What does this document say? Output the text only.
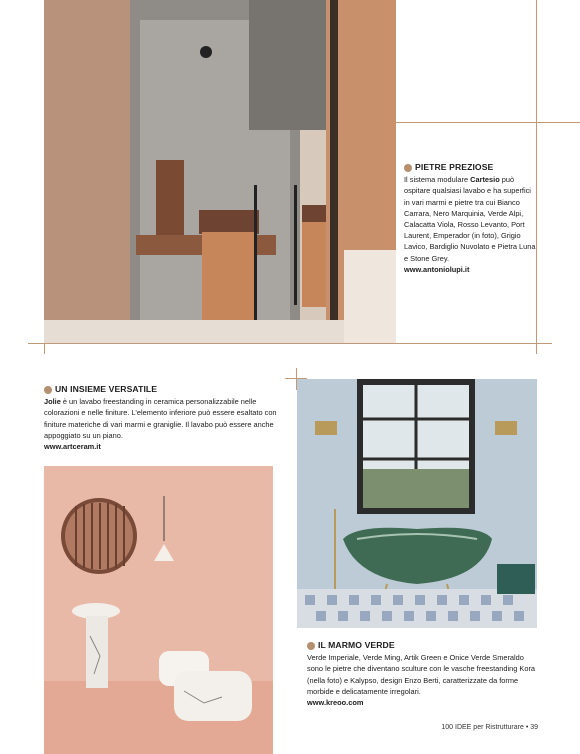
PIETRE PREZIOSE
Il sistema modulare Cartesio può ospitare qualsiasi lavabo e ha superfici in vari marmi e pietre tra cui Bianco Carrara, Nero Marquinia, Verde Alpi, Calacatta Viola, Rosso Levanto, Port Laurent, Emperador (in foto), Grigio Lavico, Bardiglio Nuvolato e Pietra Luna e Stone Grey.
www.antoniolupi.it
UN INSIEME VERSATILE
Jolie è un lavabo freestanding in ceramica personalizzabile nelle colorazioni e nelle finiture. L’elemento inferiore può essere esaltato con finiture materiche di vari marmi e graniglie. Il lavabo può essere anche appoggiato su un piano.
www.artceram.it
IL MARMO VERDE
Verde Imperiale, Verde Ming, Artik Green e Onice Verde Smeraldo sono le pietre che diventano sculture con le vasche freestanding Kora (nella foto) e Kalypso, design Enzo Berti, caratterizzate da forme morbide e delicatamente irregolari.
www.kreoo.com
100 IDEE per Ristrutturare • 39
